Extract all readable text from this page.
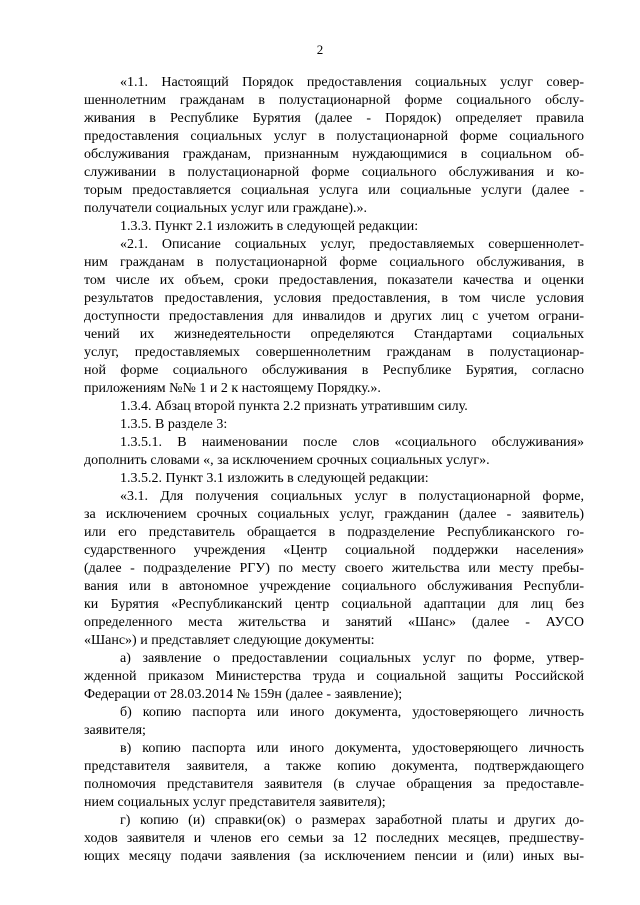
2
«1.1. Настоящий Порядок предоставления социальных услуг совер-
шеннолетним гражданам в полустационарной форме социального обслу-
живания в Республике Бурятия (далее - Порядок) определяет правила
предоставления социальных услуг в полустационарной форме социального
обслуживания гражданам, признанным нуждающимися в социальном об-
служивании в полустационарной форме социального обслуживания и ко-
торым предоставляется социальная услуга или социальные услуги (далее -
получатели социальных услуг или граждане).».
1.3.3. Пункт 2.1 изложить в следующей редакции:
«2.1. Описание социальных услуг, предоставляемых совершеннолет-
ним гражданам в полустационарной форме социального обслуживания, в
том числе их объем, сроки предоставления, показатели качества и оценки
результатов предоставления, условия предоставления, в том числе условия
доступности предоставления для инвалидов и других лиц с учетом ограни-
чений их жизнедеятельности определяются Стандартами социальных
услуг, предоставляемых совершеннолетним гражданам в полустационар-
ной форме социального обслуживания в Республике Бурятия, согласно
приложениям №№ 1 и 2 к настоящему Порядку.».
1.3.4. Абзац второй пункта 2.2 признать утратившим силу.
1.3.5. В разделе 3:
1.3.5.1. В наименовании после слов «социального обслуживания»
дополнить словами «, за исключением срочных социальных услуг».
1.3.5.2. Пункт 3.1 изложить в следующей редакции:
«3.1. Для получения социальных услуг в полустационарной форме,
за исключением срочных социальных услуг, гражданин (далее - заявитель)
или его представитель обращается в подразделение Республиканского го-
сударственного учреждения «Центр социальной поддержки населения»
(далее - подразделение РГУ) по месту своего жительства или месту пребы-
вания или в автономное учреждение социального обслуживания Республи-
ки Бурятия «Республиканский центр социальной адаптации для лиц без
определенного места жительства и занятий «Шанс» (далее - АУСО
«Шанс») и представляет следующие документы:
а) заявление о предоставлении социальных услуг по форме, утвер-
жденной приказом Министерства труда и социальной защиты Российской
Федерации от 28.03.2014 № 159н (далее - заявление);
б) копию паспорта или иного документа, удостоверяющего личность
заявителя;
в) копию паспорта или иного документа, удостоверяющего личность
представителя заявителя, а также копию документа, подтверждающего
полномочия представителя заявителя (в случае обращения за предоставле-
нием социальных услуг представителя заявителя);
г) копию (и) справки(ок) о размерах заработной платы и других до-
ходов заявителя и членов его семьи за 12 последних месяцев, предшеству-
ющих месяцу подачи заявления (за исключением пенсии и (или) иных вы-
